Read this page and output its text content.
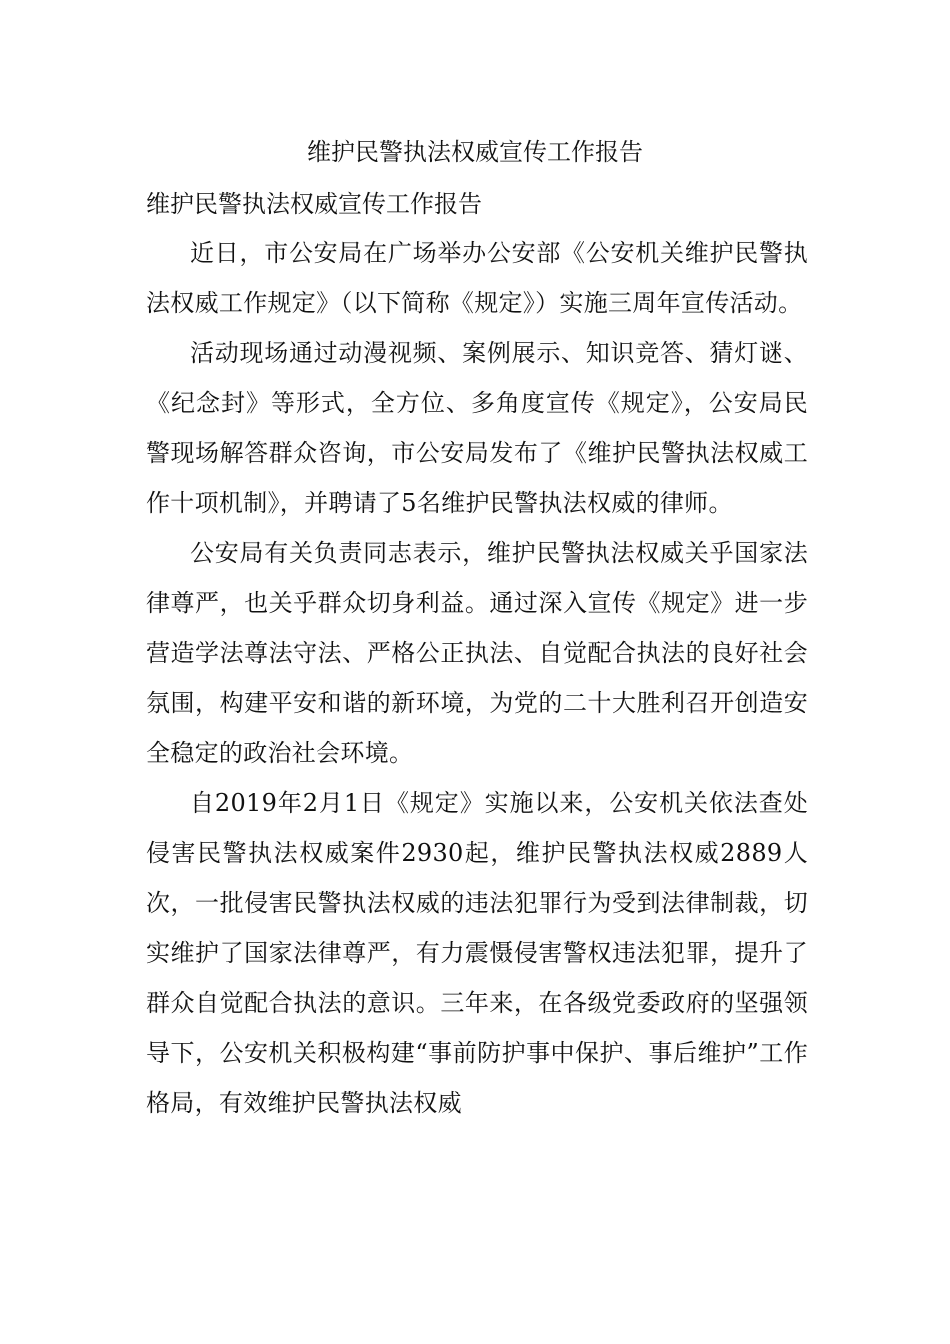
维护民警执法权威宣传工作报告

维护民警执法权威宣传工作报告

近日，市公安局在广场举办公安部《公安机关维护民警执法权威工作规定》（以下简称《规定》）实施三周年宣传活动。

活动现场通过动漫视频、案例展示、知识竞答、猜灯谜、《纪念封》等形式，全方位、多角度宣传《规定》，公安局民警现场解答群众咨询，市公安局发布了《维护民警执法权威工作十项机制》，并聘请了5名维护民警执法权威的律师。

公安局有关负责同志表示，维护民警执法权威关乎国家法律尊严，也关乎群众切身利益。通过深入宣传《规定》进一步营造学法尊法守法、严格公正执法、自觉配合执法的良好社会氛围，构建平安和谐的新环境，为党的二十大胜利召开创造安全稳定的政治社会环境。

自2019年2月1日《规定》实施以来，公安机关依法查处侵害民警执法权威案件2930起，维护民警执法权威2889人次，一批侵害民警执法权威的违法犯罪行为受到法律制裁，切实维护了国家法律尊严，有力震慑侵害警权违法犯罪，提升了群众自觉配合执法的意识。三年来，在各级党委政府的坚强领导下，公安机关积极构建“事前防护事中保护、事后维护”工作格局，有效维护民警执法权威
